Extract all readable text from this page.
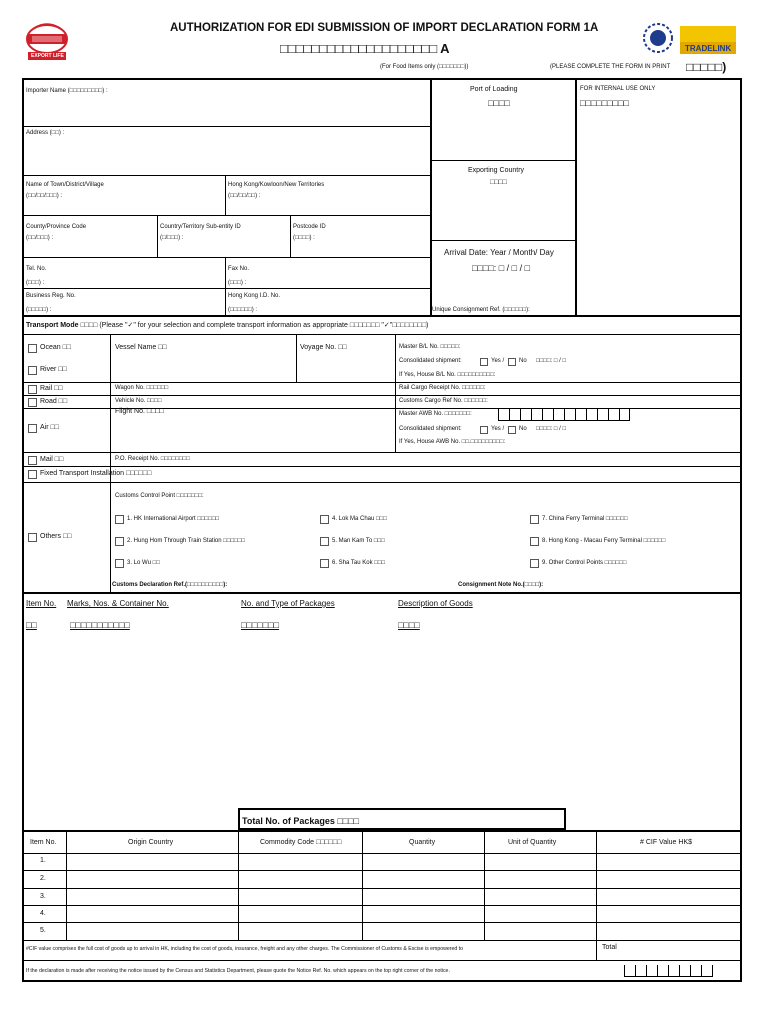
EXPORT LIFE
AUTHORIZATION FOR EDI SUBMISSION OF IMPORT DECLARATION FORM 1A
□□□□□□□□□□□□□□□□□□□□ A
(For Food Items only (□□□□□□□))	(PLEASE COMPLETE THE FORM IN PRINT □□□□□)
TRADELINK
Importer Name (□□□□□□□□□) :
Address (□□) :
Name of Town/District/Village
(□□/□□/□□□) :
Hong Kong/Kowloon/New Territories
(□□/□□/□□) :
County/Province Code
(□□/□□□) :
Country/Territory Sub-entity ID
(□/□□□) :
Postcode ID
(□□□□) :
Tel. No.
(□□□) :
Fax No.
(□□□) :
Business Reg. No.
(□□□□□) :
Hong Kong I.D. No.
(□□□□□□) :
Port of Loading
□□□□
FOR INTERNAL USE ONLY
□□□□□□□□□
Exporting Country
□□□□
Arrival Date: Year / Month/ Day
□□□□: □ / □ / □
Unique Consignment Ref. (□□□□□□):
Transport Mode □□□□ (Please "✓" for your selection and complete transport information as appropriate □□□□□□□ "✓"□□□□□□□□)
Ocean □□
River □□
Rail □□
Road □□
Air □□
Mail □□
Fixed Transport Installation □□□□□□
Others □□
Vessel Name □□	Voyage No. □□	Master B/L No. □□□□□:
Consolidated shipment:	Yes / No □□□□: □ / □
If Yes, House B/L No. □□□□□□□□□□:
Wagon No. □□□□□□	Rail Cargo Receipt No. □□□□□□:
Vehicle No. □□□□	Customs Cargo Ref No. □□□□□□:
Flight No. □□□□	Master AWB No. □□□□□□□:
Consolidated shipment:	Yes / No □□□□: □ / □
If Yes, House AWB No. □□.□□□□□□□□□:
P.O. Receipt No. □□□□□□□□
Customs Control Point □□□□□□□:
1. HK International Airport □□□□□□
2. Hung Hom Through Train Station □□□□□□
3. Lo Wu □□
4. Lok Ma Chau □□□
5. Man Kam To □□□
6. Sha Tau Kok □□□
7. China Ferry Terminal □□□□□□
8. Hong Kong - Macau Ferry Terminal □□□□□□
9. Other Control Points □□□□□□
Customs Declaration Ref.(□□□□□□□□□□):	Consignment Note No.(□□□□):
Item No. Marks, Nos. & Container No.	No. and Type of Packages	Description of Goods
□□	□□□□□□□□□□□	□□□□□□□	□□□□
Total No. of Packages □□□□
Item No.	Origin Country	Commodity Code □□□□□□	Quantity	Unit of Quantity	# CIF Value HK$
1.
2.
3.
4.
5.
#CIF value comprises the full cost of goods up to arrival in HK, including the cost of goods, insurance, freight and any other charges. The Commissioner of Customs & Excise is empowered to	Total
If the declaration is made after receiving the notice issued by the Census and Statistics Department, please quote the Notice Ref. No. which appears on the top right corner of the notice.
